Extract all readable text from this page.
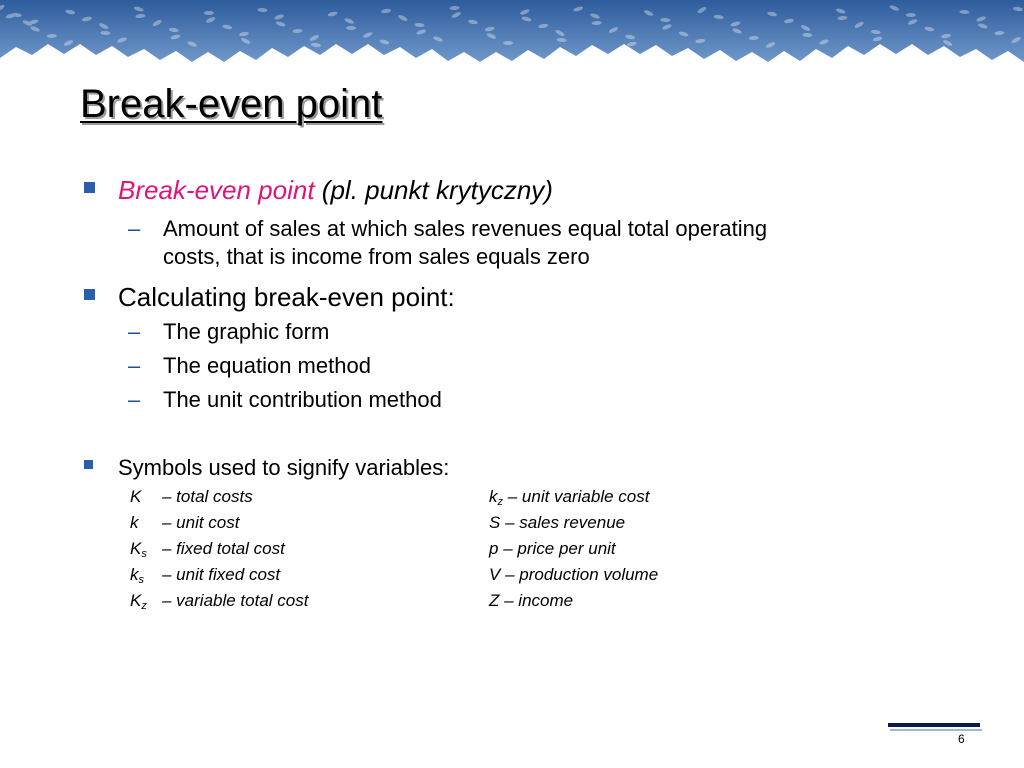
Break-even point
Break-even point (pl. punkt krytyczny)
– Amount of sales at which sales revenues equal total operating
costs, that is income from sales equals zero
Calculating break-even point:
– The graphic form
– The equation method
– The unit contribution method
Symbols used to signify variables:
K – total costs
k – unit cost
$K_s$ – fixed total cost
$k_s$ – unit fixed cost
$K_z$ – variable total cost
$k_z$ – unit variable cost
S – sales revenue
p – price per unit
V – production volume
Z – income
6
